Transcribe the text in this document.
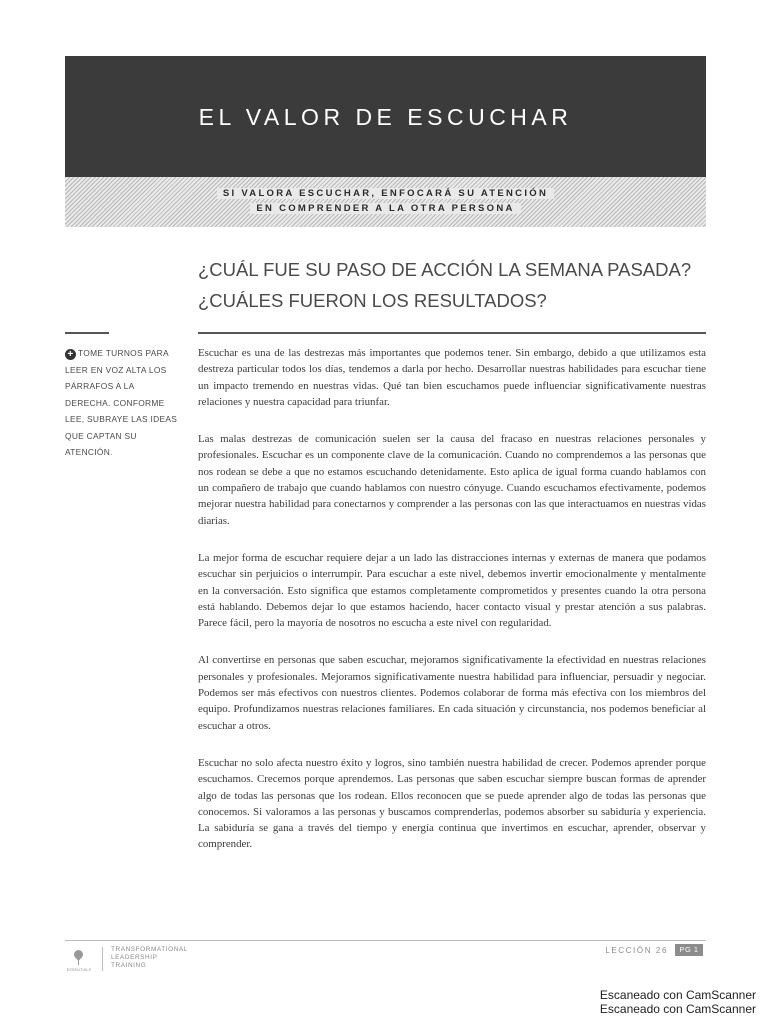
EL VALOR DE ESCUCHAR
SI VALORA ESCUCHAR, ENFOCARÁ SU ATENCIÓN
EN COMPRENDER A LA OTRA PERSONA
¿CUÁL FUE SU PASO DE ACCIÓN LA SEMANA PASADA?
¿CUÁLES FUERON LOS RESULTADOS?
+ TOME TURNOS PARA LEER EN VOZ ALTA LOS PÁRRAFOS A LA DERECHA. CONFORME LEE, SUBRAYE LAS IDEAS QUE CAPTAN SU ATENCIÓN.

Escuchar es una de las destrezas más importantes que podemos tener. Sin embargo, debido a que utilizamos esta destreza particular todos los días, tendemos a darla por hecho. Desarrollar nuestras habilidades para escuchar tiene un impacto tremendo en nuestras vidas. Qué tan bien escuchamos puede influenciar significativamente nuestras relaciones y nuestra capacidad para triunfar.

Las malas destrezas de comunicación suelen ser la causa del fracaso en nuestras relaciones personales y profesionales. Escuchar es un componente clave de la comunicación. Cuando no comprendemos a las personas que nos rodean se debe a que no estamos escuchando detenidamente. Esto aplica de igual forma cuando hablamos con un compañero de trabajo que cuando hablamos con nuestro cónyuge. Cuando escuchamos efectivamente, podemos mejorar nuestra habilidad para conectarnos y comprender a las personas con las que interactuamos en nuestras vidas diarias.

La mejor forma de escuchar requiere dejar a un lado las distracciones internas y externas de manera que podamos escuchar sin perjuicios o interrumpir. Para escuchar a este nivel, debemos invertir emocionalmente y mentalmente en la conversación. Esto significa que estamos completamente comprometidos y presentes cuando la otra persona está hablando. Debemos dejar lo que estamos haciendo, hacer contacto visual y prestar atención a sus palabras. Parece fácil, pero la mayoría de nosotros no escucha a este nivel con regularidad.

Al convertirse en personas que saben escuchar, mejoramos significativamente la efectividad en nuestras relaciones personales y profesionales. Mejoramos significativamente nuestra habilidad para influenciar, persuadir y negociar. Podemos ser más efectivos con nuestros clientes. Podemos colaborar de forma más efectiva con los miembros del equipo. Profundizamos nuestras relaciones familiares. En cada situación y circunstancia, nos podemos beneficiar al escuchar a otros.

Escuchar no solo afecta nuestro éxito y logros, sino también nuestra habilidad de crecer. Podemos aprender porque escuchamos. Crecemos porque aprendemos. Las personas que saben escuchar siempre buscan formas de aprender algo de todas las personas que los rodean. Ellos reconocen que se puede aprender algo de todas las personas que conocemos. Si valoramos a las personas y buscamos comprenderlas, podemos absorber su sabiduría y experiencia. La sabiduría se gana a través del tiempo y energía continua que invertimos en escuchar, aprender, observar y comprender.

ESSENTIALS
TRANSFORMATIONAL
LEADERSHIP
TRAINING
LECCIÓN 26	PG 1
Escaneado con CamScanner
Escaneado con CamScanner
